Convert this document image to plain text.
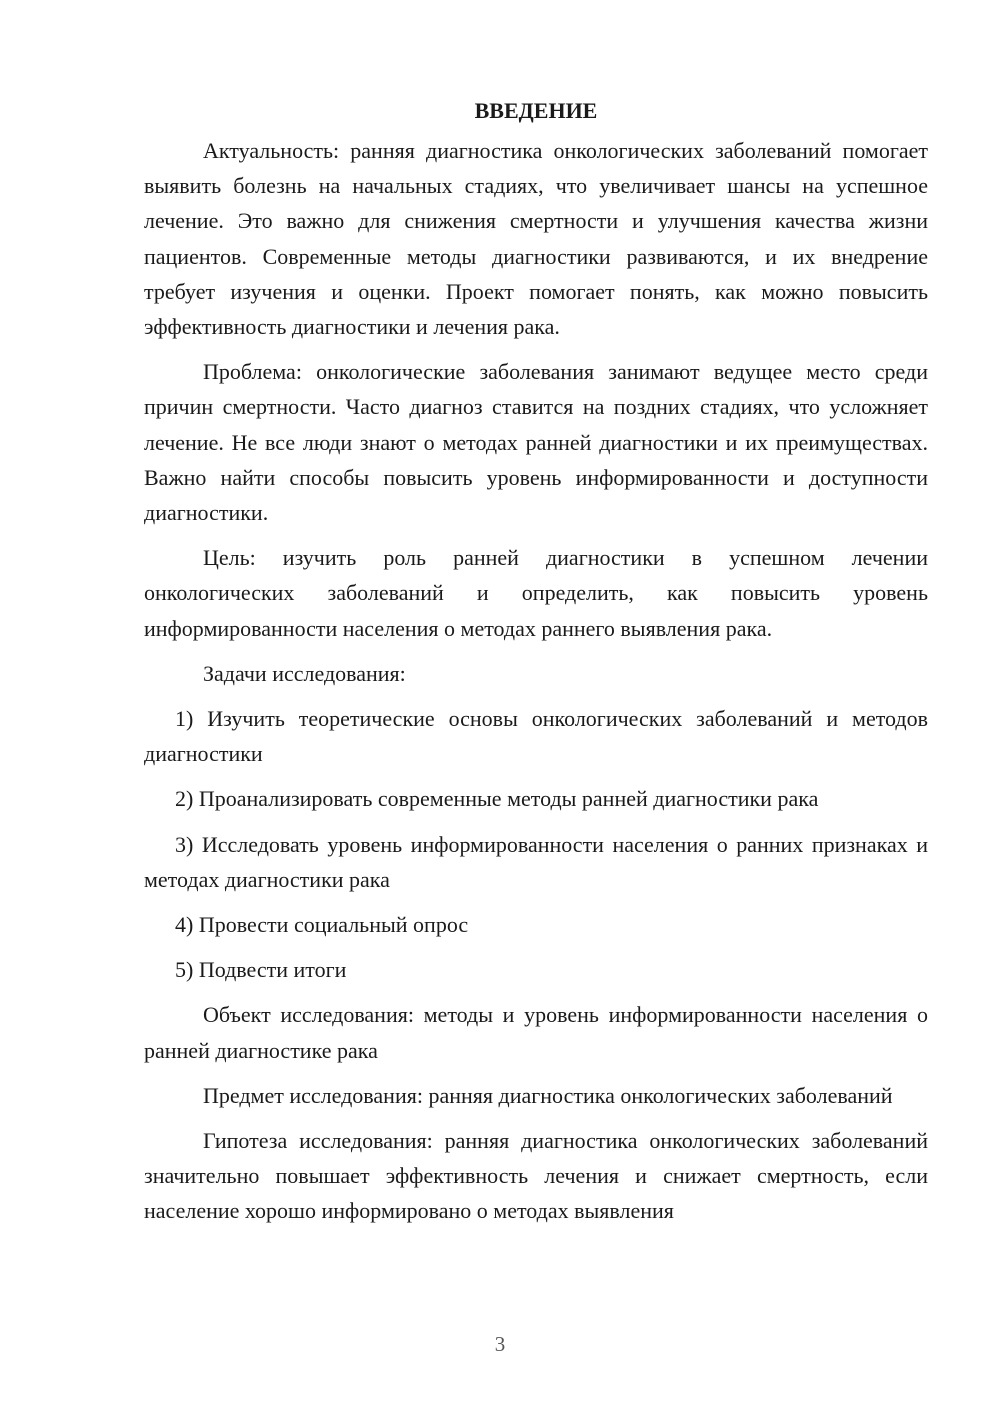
ВВЕДЕНИЕ

Актуальность: ранняя диагностика онкологических заболеваний помогает выявить болезнь на начальных стадиях, что увеличивает шансы на успешное лечение. Это важно для снижения смертности и улучшения качества жизни пациентов. Современные методы диагностики развиваются, и их внедрение требует изучения и оценки. Проект помогает понять, как можно повысить эффективность диагностики и лечения рака.

Проблема: онкологические заболевания занимают ведущее место среди причин смертности. Часто диагноз ставится на поздних стадиях, что усложняет лечение. Не все люди знают о методах ранней диагностики и их преимуществах. Важно найти способы повысить уровень информированности и доступности диагностики.

Цель: изучить роль ранней диагностики в успешном лечении онкологических заболеваний и определить, как повысить уровень информированности населения о методах раннего выявления рака.

Задачи исследования:

1) Изучить теоретические основы онкологических заболеваний и методов диагностики

2) Проанализировать современные методы ранней диагностики рака

3) Исследовать уровень информированности населения о ранних признаках и методах диагностики рака

4) Провести социальный опрос

5) Подвести итоги

Объект исследования: методы и уровень информированности населения о ранней диагностике рака

Предмет исследования: ранняя диагностика онкологических заболеваний

Гипотеза исследования: ранняя диагностика онкологических заболеваний значительно повышает эффективность лечения и снижает смертность, если население хорошо информировано о методах выявления

3
